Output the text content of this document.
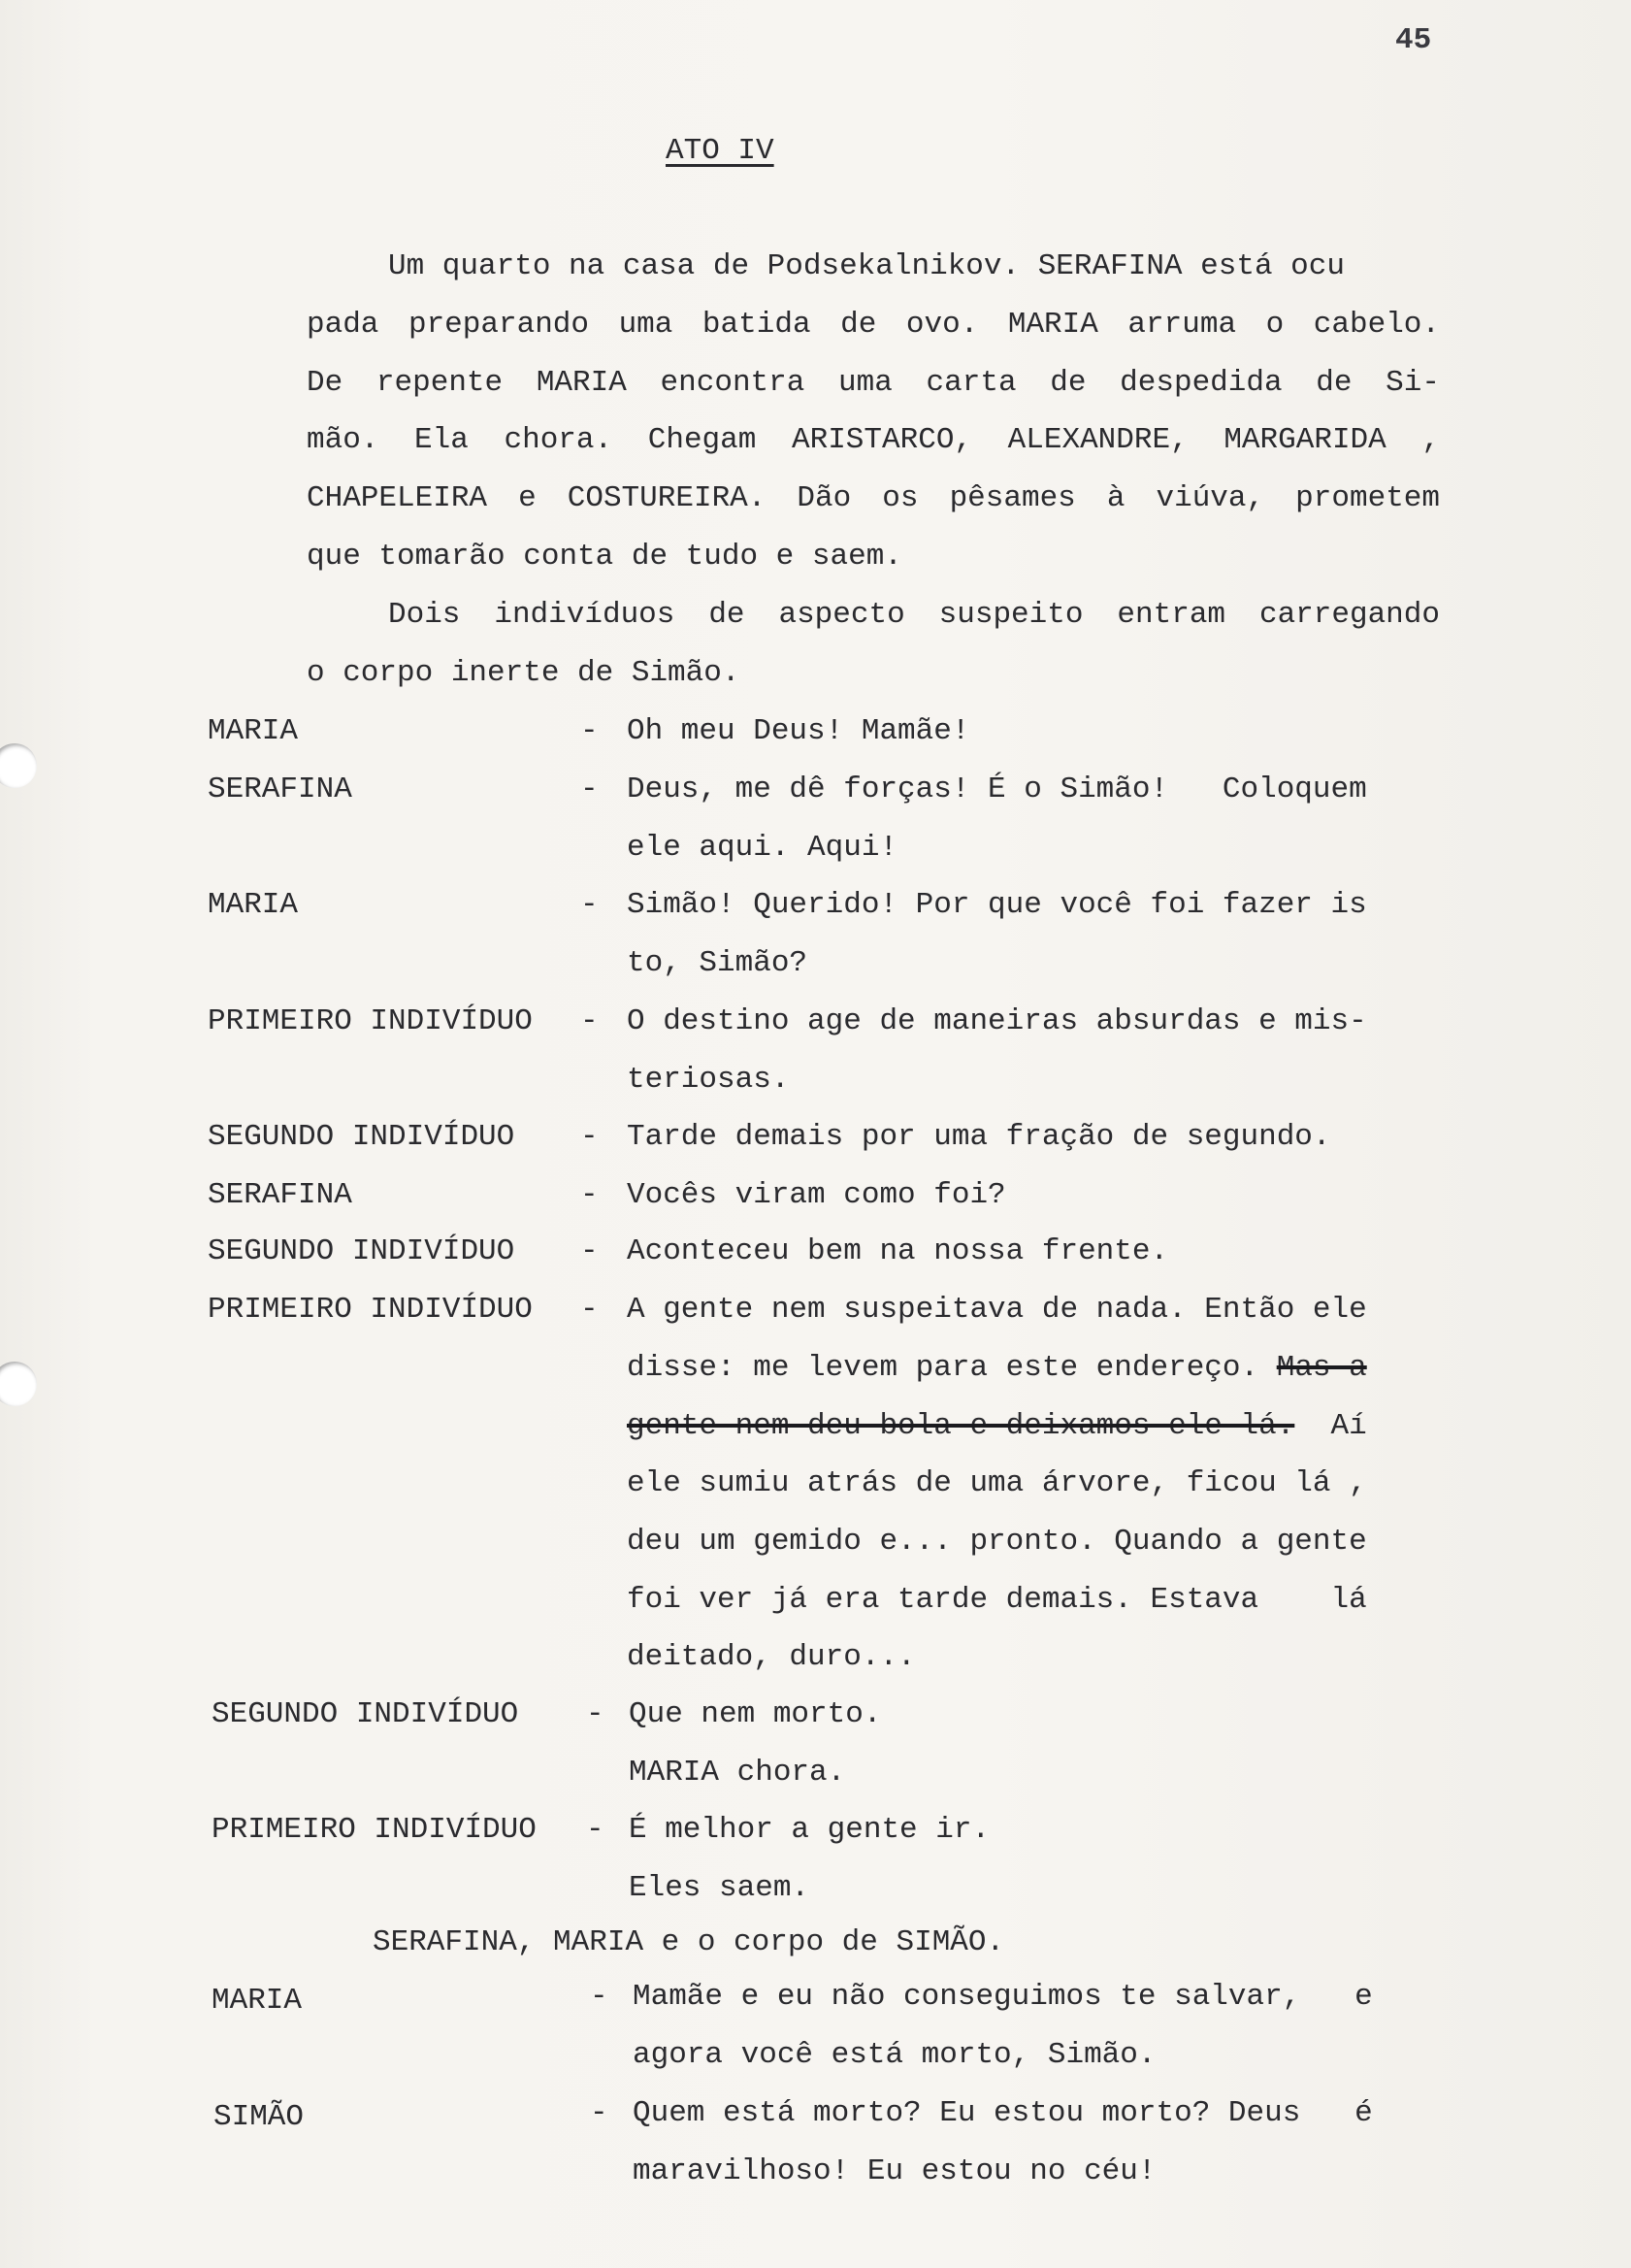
45
ATO IV
Um quarto na casa de Podsekalnikov. SERAFINA está ocu
pada preparando uma batida de ovo. MARIA arruma o cabelo.
De repente MARIA encontra uma carta de despedida de Si-
mão. Ela chora. Chegam ARISTARCO, ALEXANDRE, MARGARIDA ,
CHAPELEIRA e COSTUREIRA. Dão os pêsames à viúva, prometem
que tomarão conta de tudo e saem.
Dois indivíduos de aspecto suspeito entram carregando
o corpo inerte de Simão.
MARIA	- Oh meu Deus! Mamãe!
SERAFINA	- Deus, me dê forças! É o Simão!   Coloquem
ele aqui. Aqui!
MARIA	- Simão! Querido! Por que você foi fazer is
to, Simão?
PRIMEIRO INDIVÍDUO - O destino age de maneiras absurdas e mis-
teriosas.
SEGUNDO INDIVÍDUO - Tarde demais por uma fração de segundo.
SERAFINA	- Vocês viram como foi?
SEGUNDO INDIVÍDUO - Aconteceu bem na nossa frente.
PRIMEIRO INDIVÍDUO - A gente nem suspeitava de nada. Então ele
disse: me levem para este endereço. Mas a
gente nem deu bola e deixamos ele lá.  Aí
ele sumiu atrás de uma árvore, ficou lá ,
deu um gemido e... pronto. Quando a gente
foi ver já era tarde demais. Estava    lá
deitado, duro...
SEGUNDO INDIVÍDUO - Que nem morto.
MARIA chora.
PRIMEIRO INDIVÍDUO - É melhor a gente ir.
Eles saem.
SERAFINA, MARIA e o corpo de SIMÃO.
MARIA	- Mamãe e eu não conseguimos te salvar,   e
agora você está morto, Simão.
SIMÃO	- Quem está morto? Eu estou morto? Deus   é
maravilhoso! Eu estou no céu!
